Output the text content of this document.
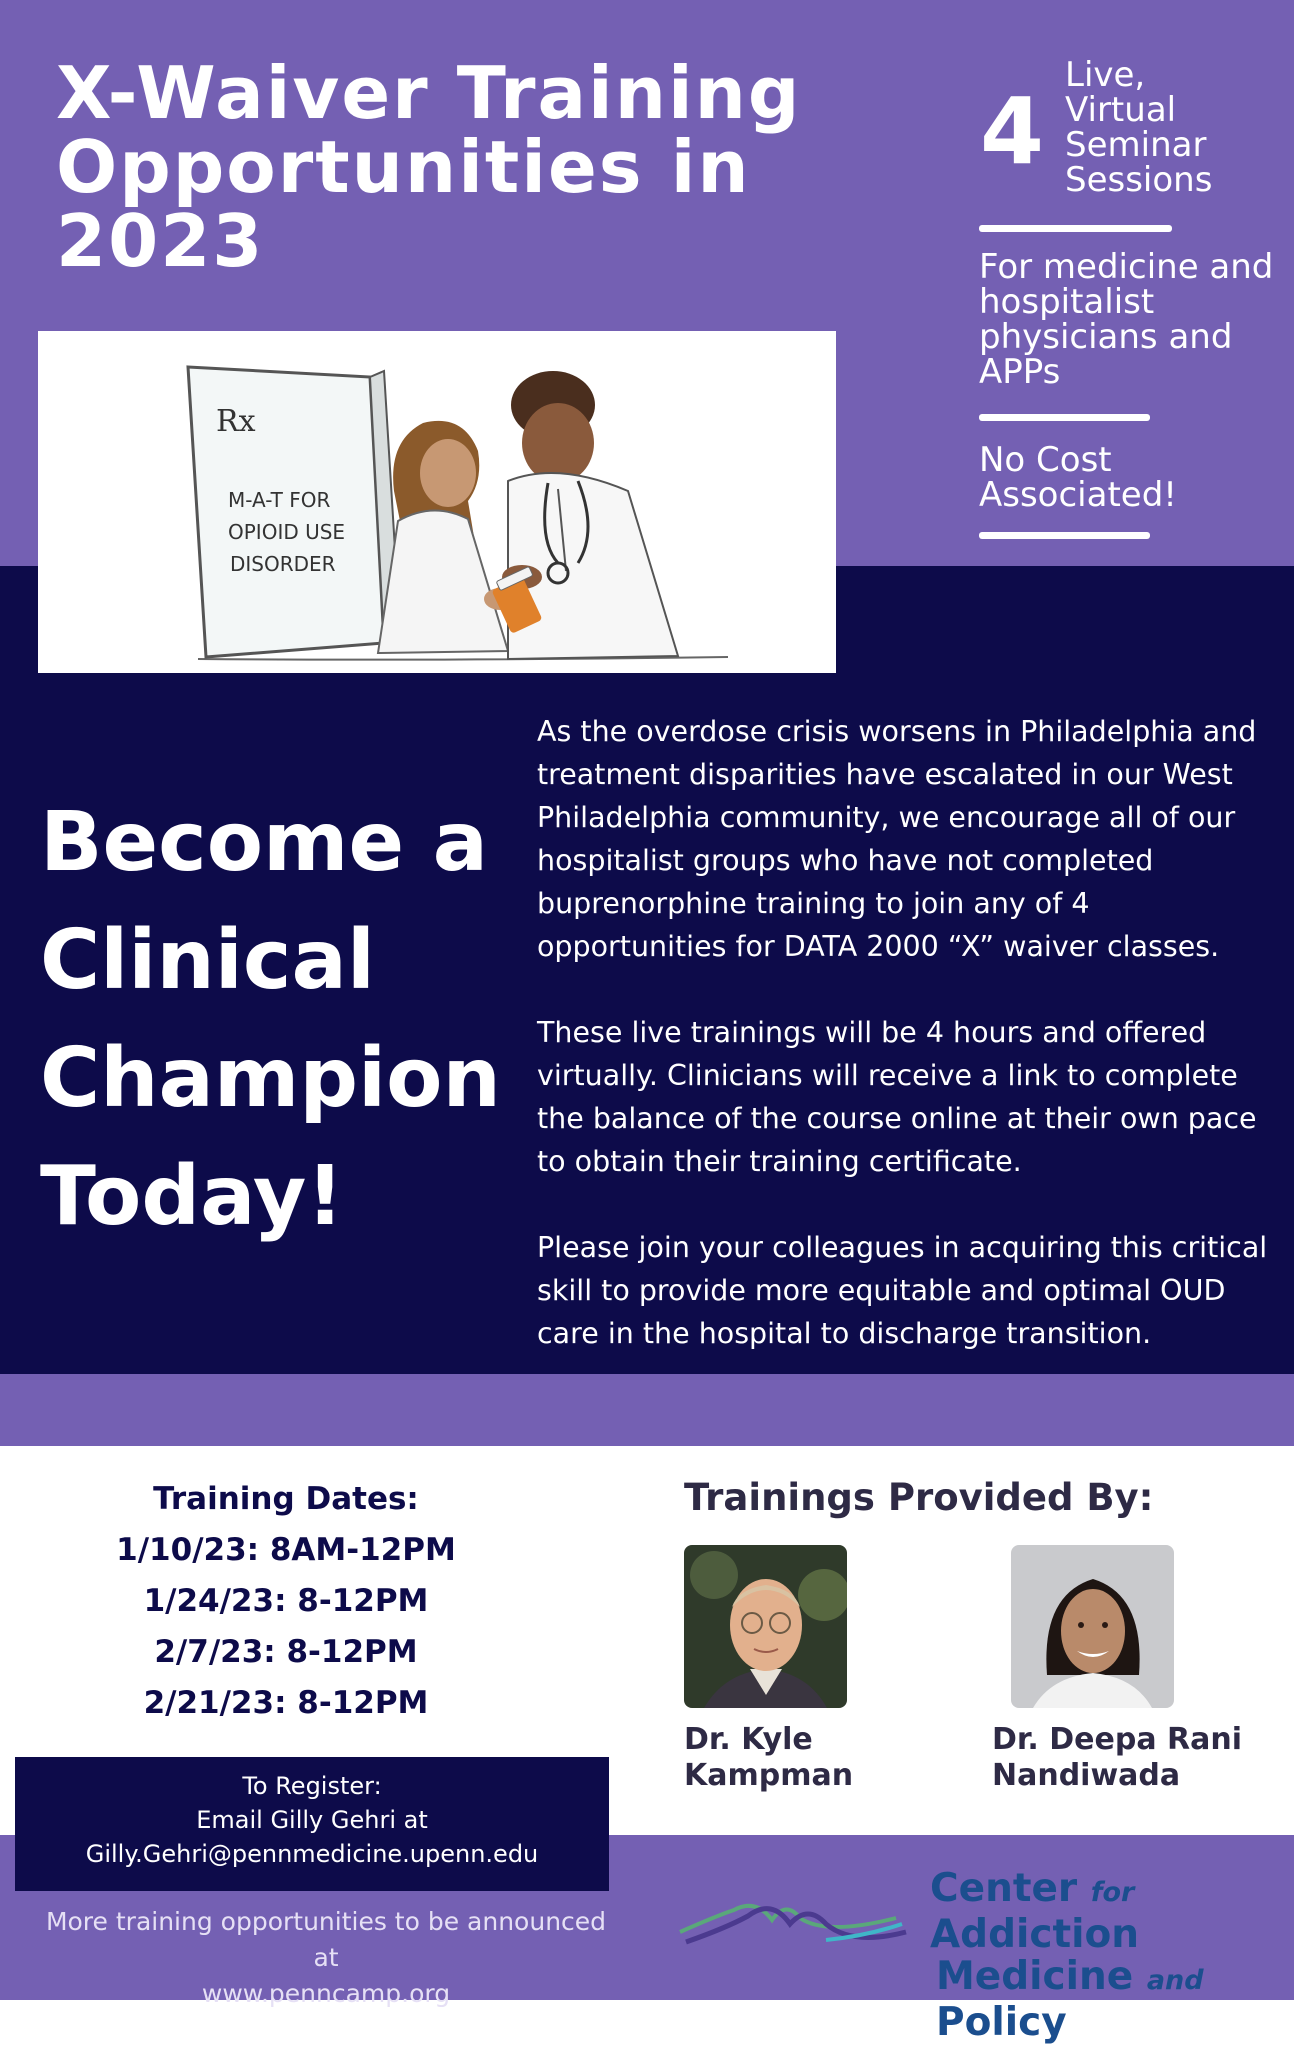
X-Waiver Training
Opportunities in
2023
4
Live,
Virtual
Seminar
Sessions
For medicine and
hospitalist
physicians and
APPs
No Cost
Associated!
Rx
M-A-T FOR
OPIOID USE
DISORDER
Become a
Clinical
Champion
Today!

As the overdose crisis worsens in Philadelphia and treatment disparities have escalated in our West Philadelphia community, we encourage all of our hospitalist groups who have not completed buprenorphine training to join any of 4 opportunities for DATA 2000 “X” waiver classes.

These live trainings will be 4 hours and offered virtually. Clinicians will receive a link to complete the balance of the course online at their own pace to obtain their training certificate.

Please join your colleagues in acquiring this critical skill to provide more equitable and optimal OUD care in the hospital to discharge transition.

Training Dates:
1/10/23: 8AM-12PM
1/24/23: 8-12PM
2/7/23: 8-12PM
2/21/23: 8-12PM
Trainings Provided By:
Dr. Kyle
Kampman
Dr. Deepa Rani
Nandiwada
To Register:
Email Gilly Gehri at
Gilly.Gehri@pennmedicine.upenn.edu
More training opportunities to be announced at
www.penncamp.org
Center for Addiction
Medicine and Policy
